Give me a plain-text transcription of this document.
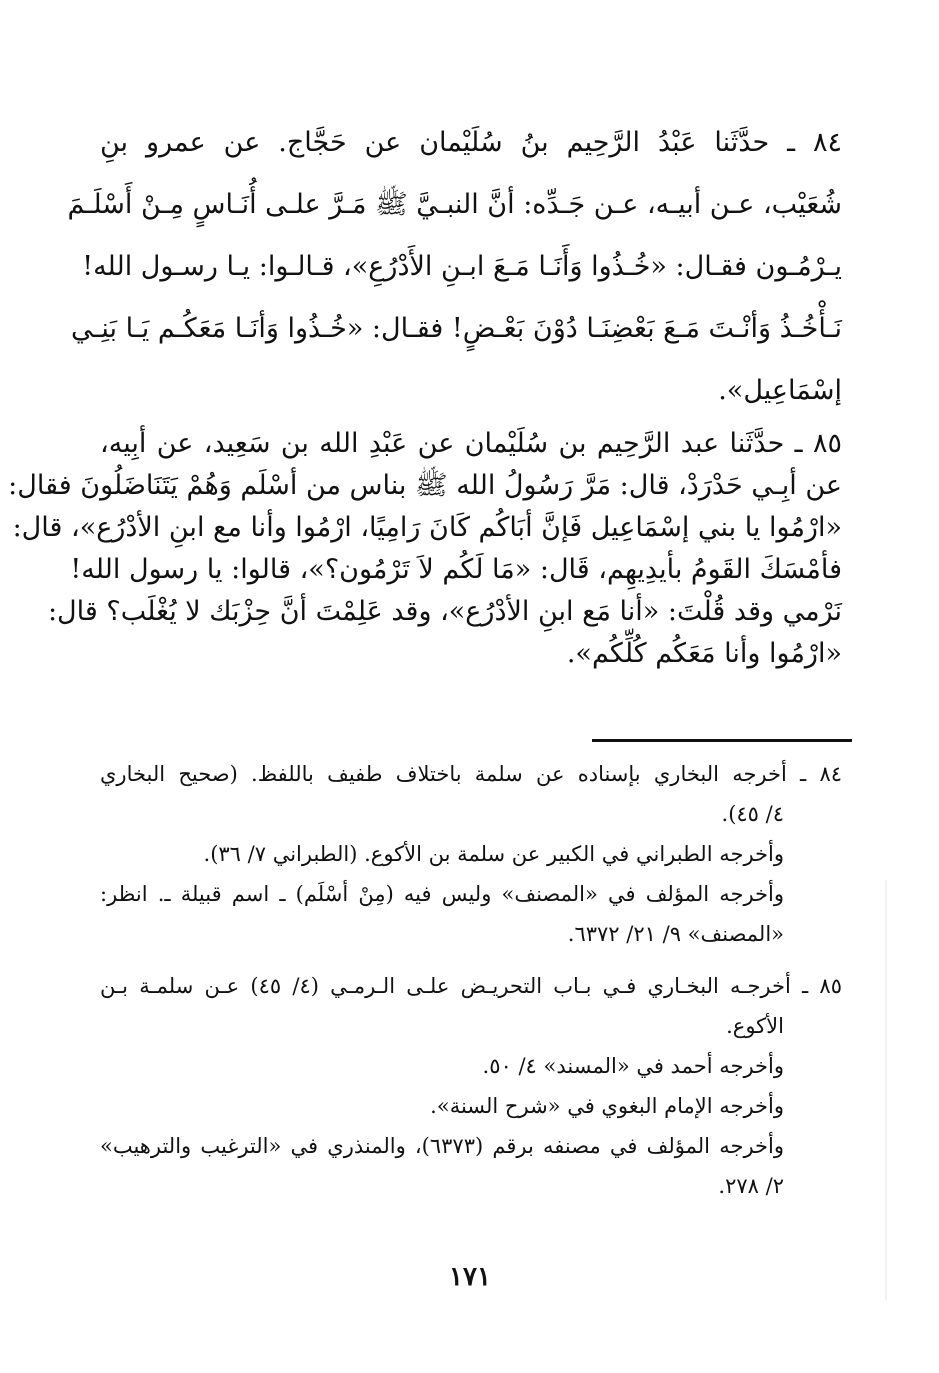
٨٤ ـ حدَّثَنا عَبْدُ الرَّحِيم بنُ سُلَيْمان عن حَجَّاج. عن عمرو بنِ
شُعَيْب، عـن أبيـه، عـن جَـدِّه: أنَّ النبـيَّ ﷺ مَـرَّ علـى أُنَـاسٍ مِـنْ أَسْلَـمَ
يـرْمُـون فقـال: «خُـذُوا وَأَنَـا مَـعَ ابـنِ الأَدْرُعِ»، قـالـوا: يـا رسـول الله!
نَـأْخُـذُ وَأنْـتَ مَـعَ بَعْضِنَـا دُوْنَ بَعْـضٍ! فقـال: «خُـذُوا وَأنَـا مَعَكُـم يَـا بَنِـي
إسْمَاعِيل».
٨٥ ـ حدَّثَنا عبد الرَّحِيم بن سُلَيْمان عن عَبْدِ الله بن سَعِيد، عن أبِيه،
عن أبِـي حَدْرَدْ، قال: مَرَّ رَسُولُ الله ﷺ بناس من أسْلَم وَهُمْ يَتَنَاضَلُونَ فقال:
«ارْمُوا يا بني إسْمَاعِيل فَإنَّ أبَاكُم كَانَ رَامِيًا، ارْمُوا وأنا مع ابنِ الأدْرُع»، قال:
فأمْسَكَ القَومُ بأيدِيهِم، قَال: «مَا لَكُم لاَ تَرْمُون؟»، قالوا: يا رسول الله!
نَرْمي وقد قُلْتَ: «أنا مَع ابنِ الأدْرُع»، وقد عَلِمْتَ أنَّ حِزْبَك لا يُغْلَب؟ قال:
«ارْمُوا وأنا مَعَكُم كُلِّكُم».
٨٤ ـ أخرجه البخاري بإسناده عن سلمة باختلاف طفيف باللفظ. (صحيح البخاري
٤/ ٤٥).
وأخرجه الطبراني في الكبير عن سلمة بن الأكوع. (الطبراني ٧/ ٣٦).
وأخرجه المؤلف في «المصنف» وليس فيه (مِنْ أسْلَم) ـ اسم قبيلة ـ. انظر:
«المصنف» ٩/ ٢١/ ٦٣٧٢.
٨٥ ـ أخرجـه البخـاري فـي بـاب التحريـض علـى الـرمـي (٤/ ٤٥) عـن سلمـة بـن
الأكوع.
وأخرجه أحمد في «المسند» ٤/ ٥٠.
وأخرجه الإمام البغوي في «شرح السنة».
وأخرجه المؤلف في مصنفه برقم (٦٣٧٣)، والمنذري في «الترغيب والترهيب»
٢/ ٢٧٨.
١٧١
